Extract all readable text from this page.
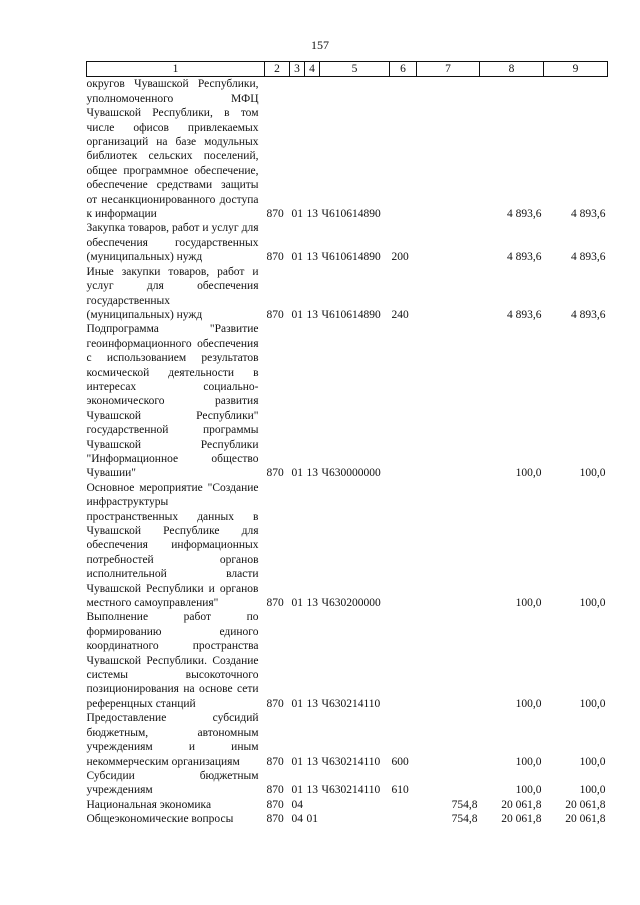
157
1	2	3	4	5	6	7	8	9
округов Чувашской Республики, уполномоченного МФЦ Чувашской Республики, в том числе офисов привлекаемых организаций на базе модульных библиотек сельских поселений, общее программное обеспечение, обеспечение средствами защиты от несанкционированного доступа к информации	870	01	13	Ч610614890			4 893,6	4 893,6
Закупка товаров, работ и услуг для обеспечения государственных (муниципальных) нужд	870	01	13	Ч610614890	200		4 893,6	4 893,6
Иные закупки товаров, работ и услуг для обеспечения государственных (муниципальных) нужд	870	01	13	Ч610614890	240		4 893,6	4 893,6
Подпрограмма "Развитие геоинформационного обеспечения с использованием результатов космической деятельности в интересах социально-экономического развития Чувашской Республики" государственной программы Чувашской Республики "Информационное общество Чувашии"	870	01	13	Ч630000000			100,0	100,0
Основное мероприятие "Создание инфраструктуры пространственных данных в Чувашской Республике для обеспечения информационных потребностей органов исполнительной власти Чувашской Республики и органов местного самоуправления"	870	01	13	Ч630200000			100,0	100,0
Выполнение работ по формированию единого координатного пространства Чувашской Республики. Создание системы высокоточного позиционирования на основе сети референцных станций	870	01	13	Ч630214110			100,0	100,0
Предоставление субсидий бюджетным, автономным учреждениям и иным некоммерческим организациям	870	01	13	Ч630214110	600		100,0	100,0
Субсидии бюджетным учреждениям	870	01	13	Ч630214110	610		100,0	100,0
Национальная экономика	870	04				754,8	20 061,8	20 061,8
Общеэкономические вопросы	870	04	01			754,8	20 061,8	20 061,8
